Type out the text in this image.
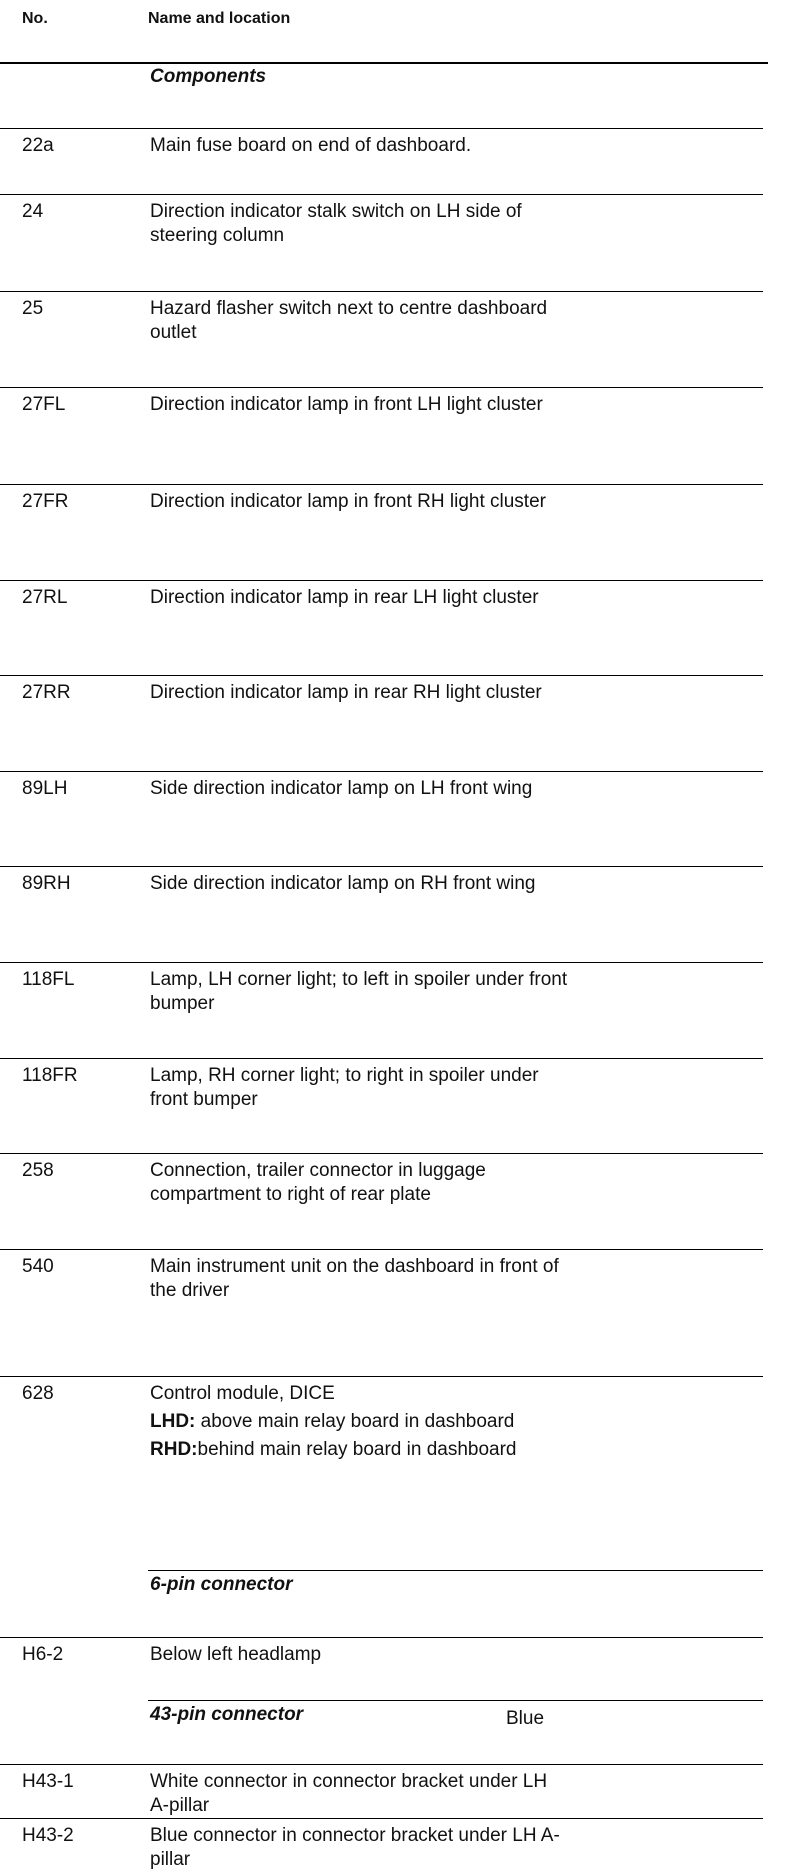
No.	Name and location
Components
22a	Main fuse board on end of dashboard.
24	Direction indicator stalk switch on LH side of steering column
25	Hazard flasher switch next to centre dashboard outlet
27FL	Direction indicator lamp in front LH light cluster
27FR	Direction indicator lamp in front RH light cluster
27RL	Direction indicator lamp in rear LH light cluster
27RR	Direction indicator lamp in rear RH light cluster
89LH	Side direction indicator lamp on LH front wing
89RH	Side direction indicator lamp on RH front wing
118FL	Lamp, LH corner light; to left in spoiler under front bumper
118FR	Lamp, RH corner light; to right in spoiler under front bumper
258	Connection, trailer connector in luggage compartment to right of rear plate
540	Main instrument unit on the dashboard in front of the driver
628	Control module, DICE
LHD: above main relay board in dashboard
RHD:behind main relay board in dashboard
6-pin connector
H6-2	Below left headlamp
43-pin connector	Blue
H43-1	White connector in connector bracket under LH A-pillar
H43-2	Blue connector in connector bracket under LH A-pillar
